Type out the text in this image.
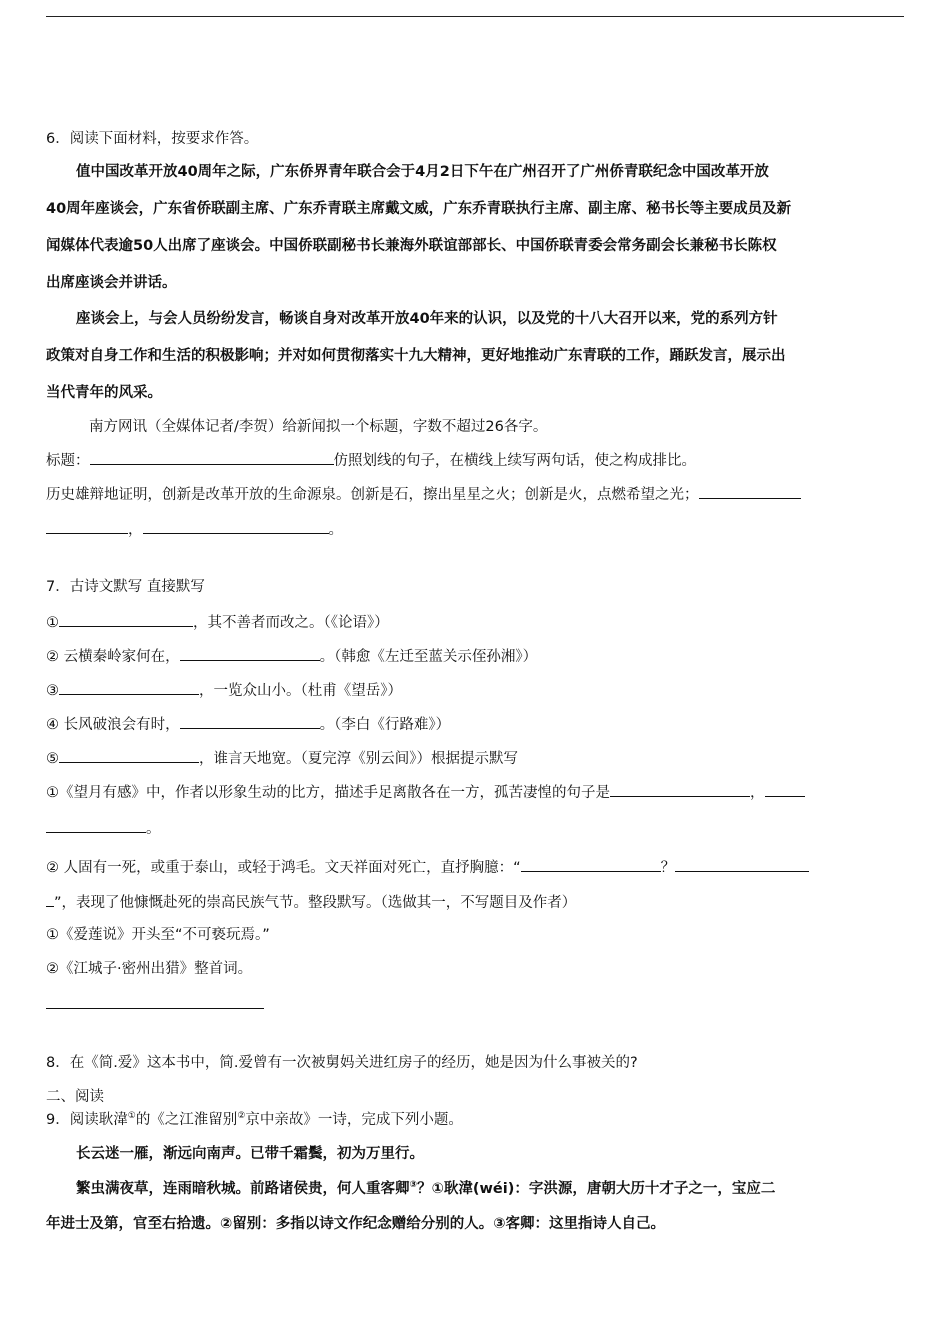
6．阅读下面材料，按要求作答。
值中国改革开放40周年之际，广东侨界青年联合会于4月2日下午在广州召开了广州侨青联纪念中国改革开放
40周年座谈会，广东省侨联副主席、广东乔青联主席戴文威，广东乔青联执行主席、副主席、秘书长等主要成员及新
闻媒体代表逾50人出席了座谈会。中国侨联副秘书长兼海外联谊部部长、中国侨联青委会常务副会长兼秘书长陈权
出席座谈会并讲话。
座谈会上，与会人员纷纷发言，畅谈自身对改革开放40年来的认识，以及党的十八大召开以来，党的系列方针
政策对自身工作和生活的积极影响；并对如何贯彻落实十九大精神，更好地推动广东青联的工作，踊跃发言，展示出
当代青年的风采。
南方网讯（全媒体记者/李贺）给新闻拟一个标题，字数不超过26各字。
标题：	仿照划线的句子，在横线上续写两句话，使之构成排比。
历史雄辩地证明，创新是改革开放的生命源泉。创新是石，擦出星星之火；创新是火，点燃希望之光；
，	。
7．古诗文默写 直接默写
①	，其不善者而改之。（《论语》）
② 云横秦岭家何在，	。（韩愈《左迁至蓝关示侄孙湘》）
③	，一览众山小。（杜甫《望岳》）
④ 长风破浪会有时，	。（李白《行路难》）
⑤	，谁言天地宽。（夏完淳《别云间》）根据提示默写
①《望月有感》中，作者以形象生动的比方，描述手足离散各在一方，孤苦凄惶的句子是	，
。
② 人固有一死，或重于泰山，或轻于鸿毛。文天祥面对死亡，直抒胸臆：“	？
”，表现了他慷慨赴死的崇高民族气节。整段默写。（选做其一，不写题目及作者）
①《爱莲说》开头至“不可亵玩焉。”
②《江城子·密州出猎》整首词。
8．在《简.爱》这本书中，简.爱曾有一次被舅妈关进红房子的经历，她是因为什么事被关的?
二、阅读
9．阅读耿湋①的《之江淮留别②京中亲故》一诗，完成下列小题。
长云迷一雁，渐远向南声。已带千霜鬓，初为万里行。
繁虫满夜草，连雨暗秋城。前路诸侯贵，何人重客卿③？①耿湋(wéi)：字洪源，唐朝大历十才子之一，宝应二
年进士及第，官至右拾遗。②留别：多指以诗文作纪念赠给分别的人。③客卿：这里指诗人自己。
